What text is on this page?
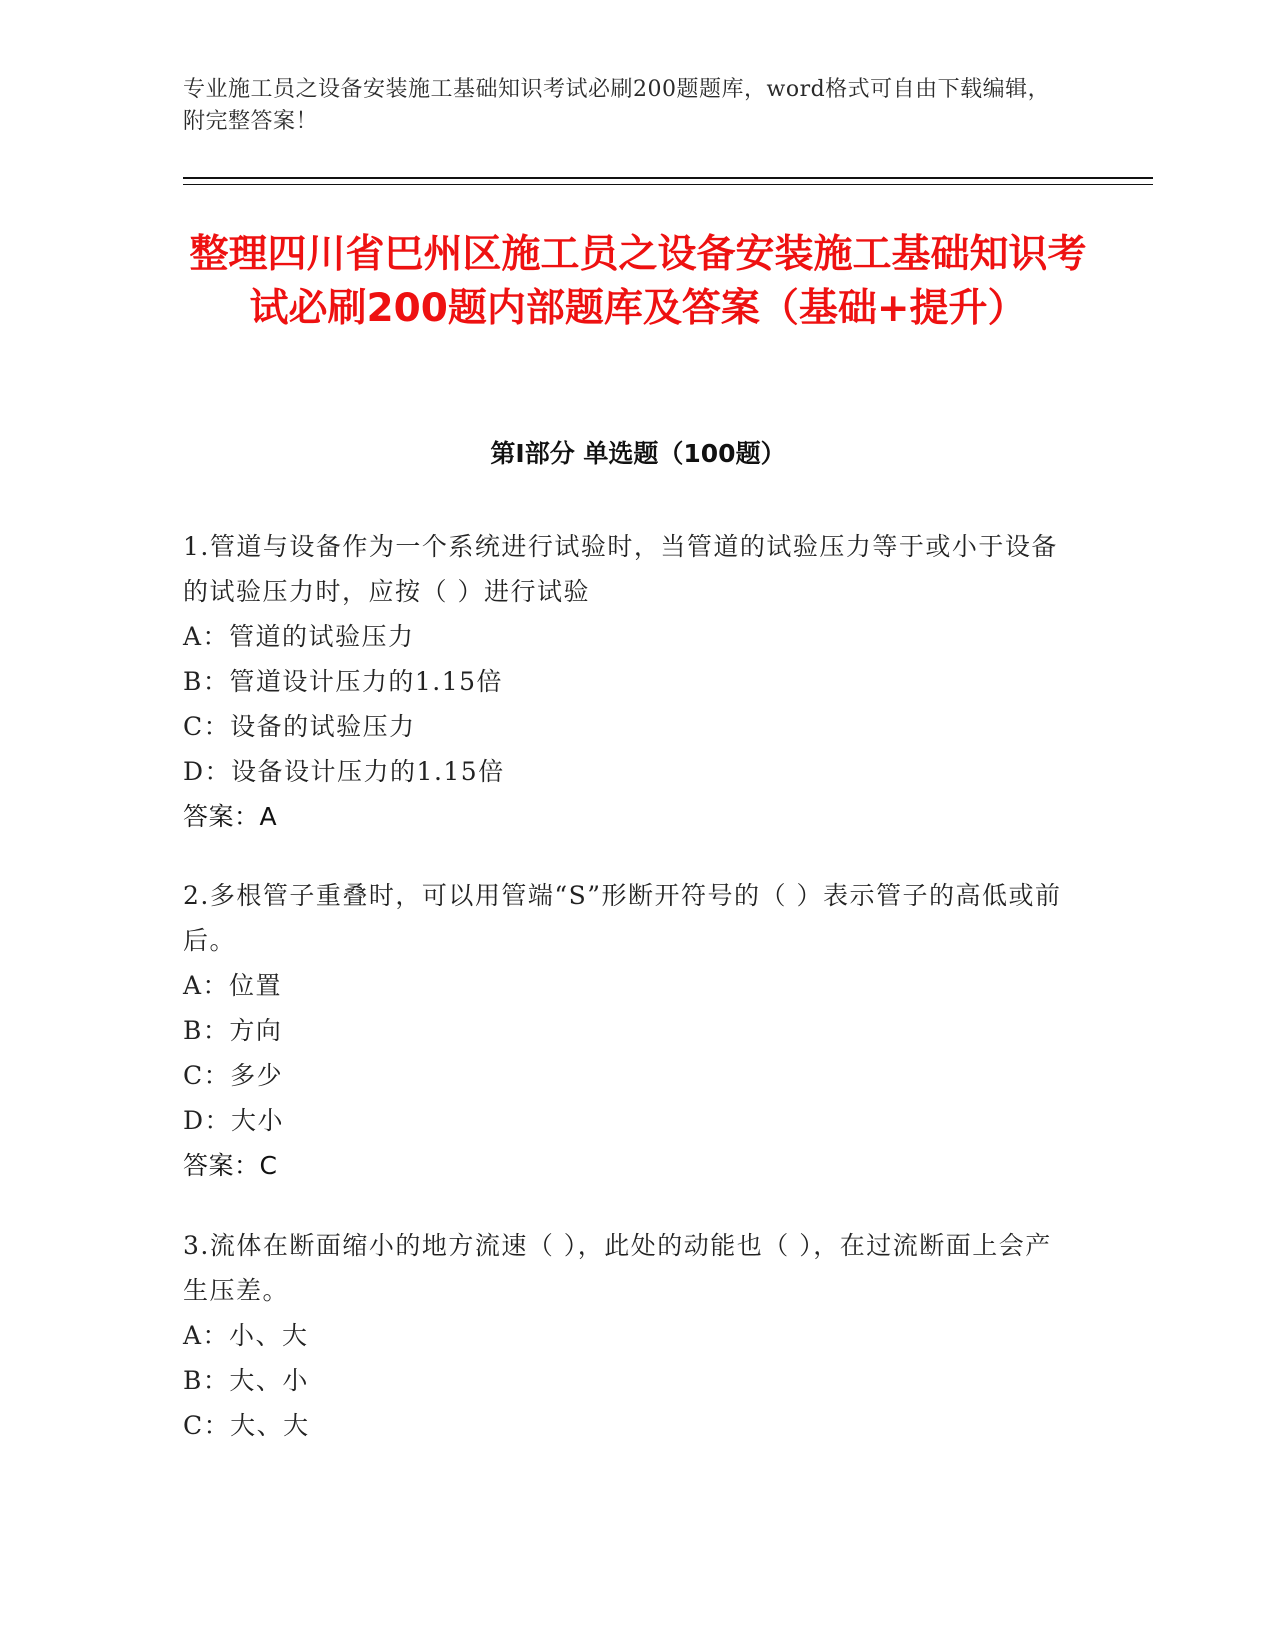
专业施工员之设备安装施工基础知识考试必刷200题题库，word格式可自由下载编辑，附完整答案！
整理四川省巴州区施工员之设备安装施工基础知识考试必刷200题内部题库及答案（基础+提升）
第I部分 单选题（100题）

1.管道与设备作为一个系统进行试验时，当管道的试验压力等于或小于设备的试验压力时，应按（ ）进行试验

A：管道的试验压力

B：管道设计压力的1.15倍

C：设备的试验压力

D：设备设计压力的1.15倍

答案：A

2.多根管子重叠时，可以用管端“S”形断开符号的（ ）表示管子的高低或前后。

A：位置

B：方向

C：多少

D：大小

答案：C

3.流体在断面缩小的地方流速（ ），此处的动能也（ ），在过流断面上会产生压差。

A：小、大

B：大、小

C：大、大
